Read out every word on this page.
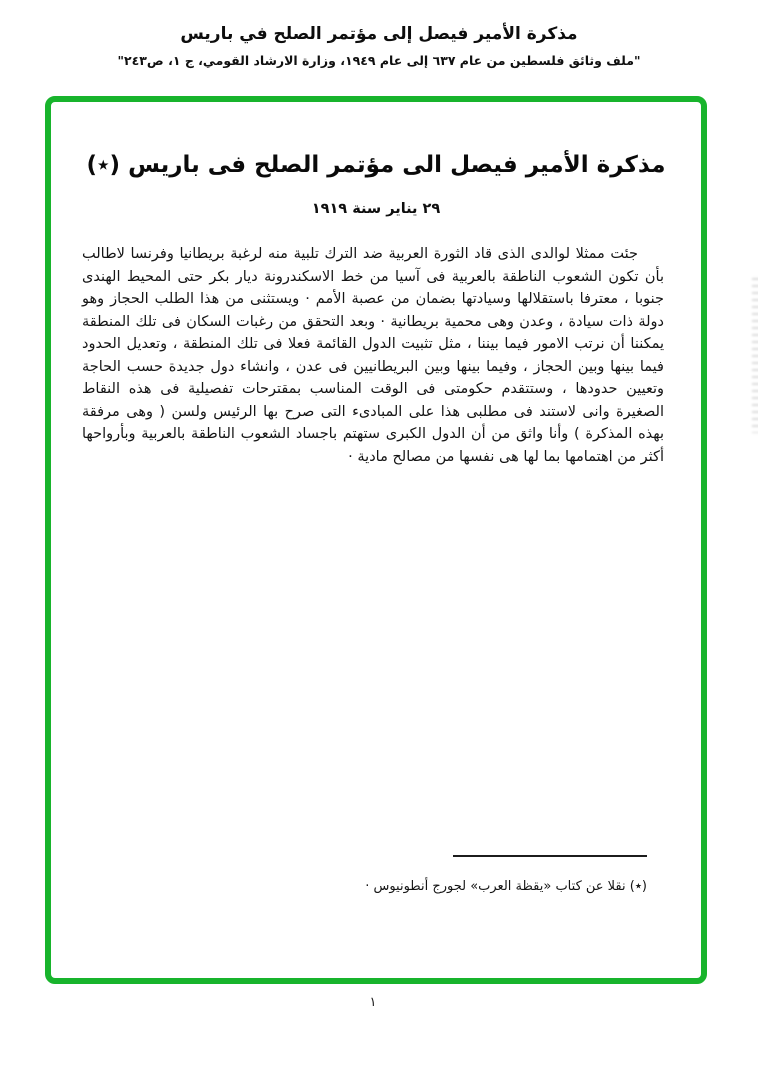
مذكرة الأمير فيصل إلى مؤتمر الصلح في باريس
"ملف وثائق فلسطين من عام ٦٣٧ إلى عام ١٩٤٩، وزارة الارشاد القومي، ج ١، ص٢٤٣"
مذكرة الأمير فيصل الى مؤتمر الصلح فى باريس (٭)
٢٩ يناير سنة ١٩١٩
جئت ممثلا لوالدى الذى قاد الثورة العربية ضد الترك تلبية منه لرغبة بريطانيا وفرنسا لاطالب بأن تكون الشعوب الناطقة بالعربية فى آسيا من خط الاسكندرونة ديار بكر حتى المحيط الهندى جنوبا ، معترفا باستقلالها وسيادتها بضمان من عصبة الأمم · ويستثنى من هذا الطلب الحجاز وهو دولة ذات سيادة ، وعدن وهى محمية بريطانية · وبعد التحقق من رغبات السكان فى تلك المنطقة يمكننا أن نرتب الامور فيما بيننا ، مثل تثبيت الدول القائمة فعلا فى تلك المنطقة ، وتعديل الحدود فيما بينها وبين الحجاز ، وفيما بينها وبين البريطانيين فى عدن ، وانشاء دول جديدة حسب الحاجة وتعيين حدودها ، وستتقدم حكومتى فى الوقت المناسب بمقترحات تفصيلية فى هذه النقاط الصغيرة وانى لاستند فى مطلبى هذا على المبادىء التى صرح بها الرئيس ولسن ( وهى مرفقة بهذه المذكرة ) وأنا واثق من أن الدول الكبرى ستهتم باجساد الشعوب الناطقة بالعربية وبأرواحها أكثر من اهتمامها بما لها هى نفسها من مصالح مادية ·
(٭) نقلا عن كتاب «يقظة العرب» لجورج أنطونيوس ·
١
